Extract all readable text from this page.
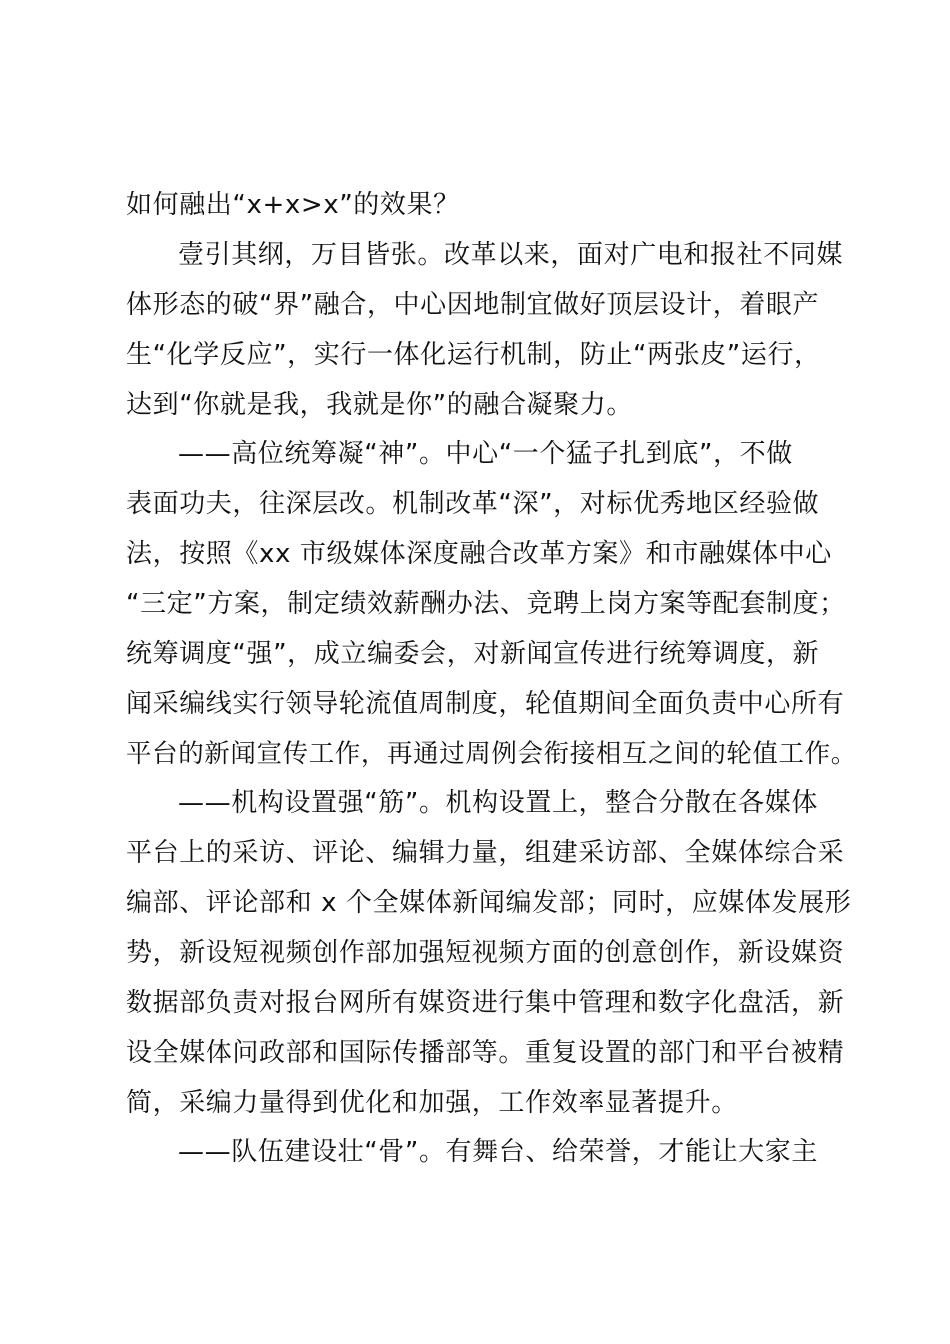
如何融出“x+x>x”的效果？
壹引其纲，万目皆张。改革以来，面对广电和报社不同媒
体形态的破“界”融合，中心因地制宜做好顶层设计，着眼产
生“化学反应”，实行一体化运行机制，防止“两张皮”运行，
达到“你就是我，我就是你”的融合凝聚力。
——高位统筹凝“神”。中心“一个猛子扎到底”，不做
表面功夫，往深层改。机制改革“深”，对标优秀地区经验做
法，按照《xx 市级媒体深度融合改革方案》和市融媒体中心
“三定”方案，制定绩效薪酬办法、竞聘上岗方案等配套制度；
统筹调度“强”，成立编委会，对新闻宣传进行统筹调度，新
闻采编线实行领导轮流值周制度，轮值期间全面负责中心所有
平台的新闻宣传工作，再通过周例会衔接相互之间的轮值工作。
——机构设置强“筋”。机构设置上，整合分散在各媒体
平台上的采访、评论、编辑力量，组建采访部、全媒体综合采
编部、评论部和 x 个全媒体新闻编发部；同时，应媒体发展形
势，新设短视频创作部加强短视频方面的创意创作，新设媒资
数据部负责对报台网所有媒资进行集中管理和数字化盘活，新
设全媒体问政部和国际传播部等。重复设置的部门和平台被精
简，采编力量得到优化和加强，工作效率显著提升。
——队伍建设壮“骨”。有舞台、给荣誉，才能让大家主
